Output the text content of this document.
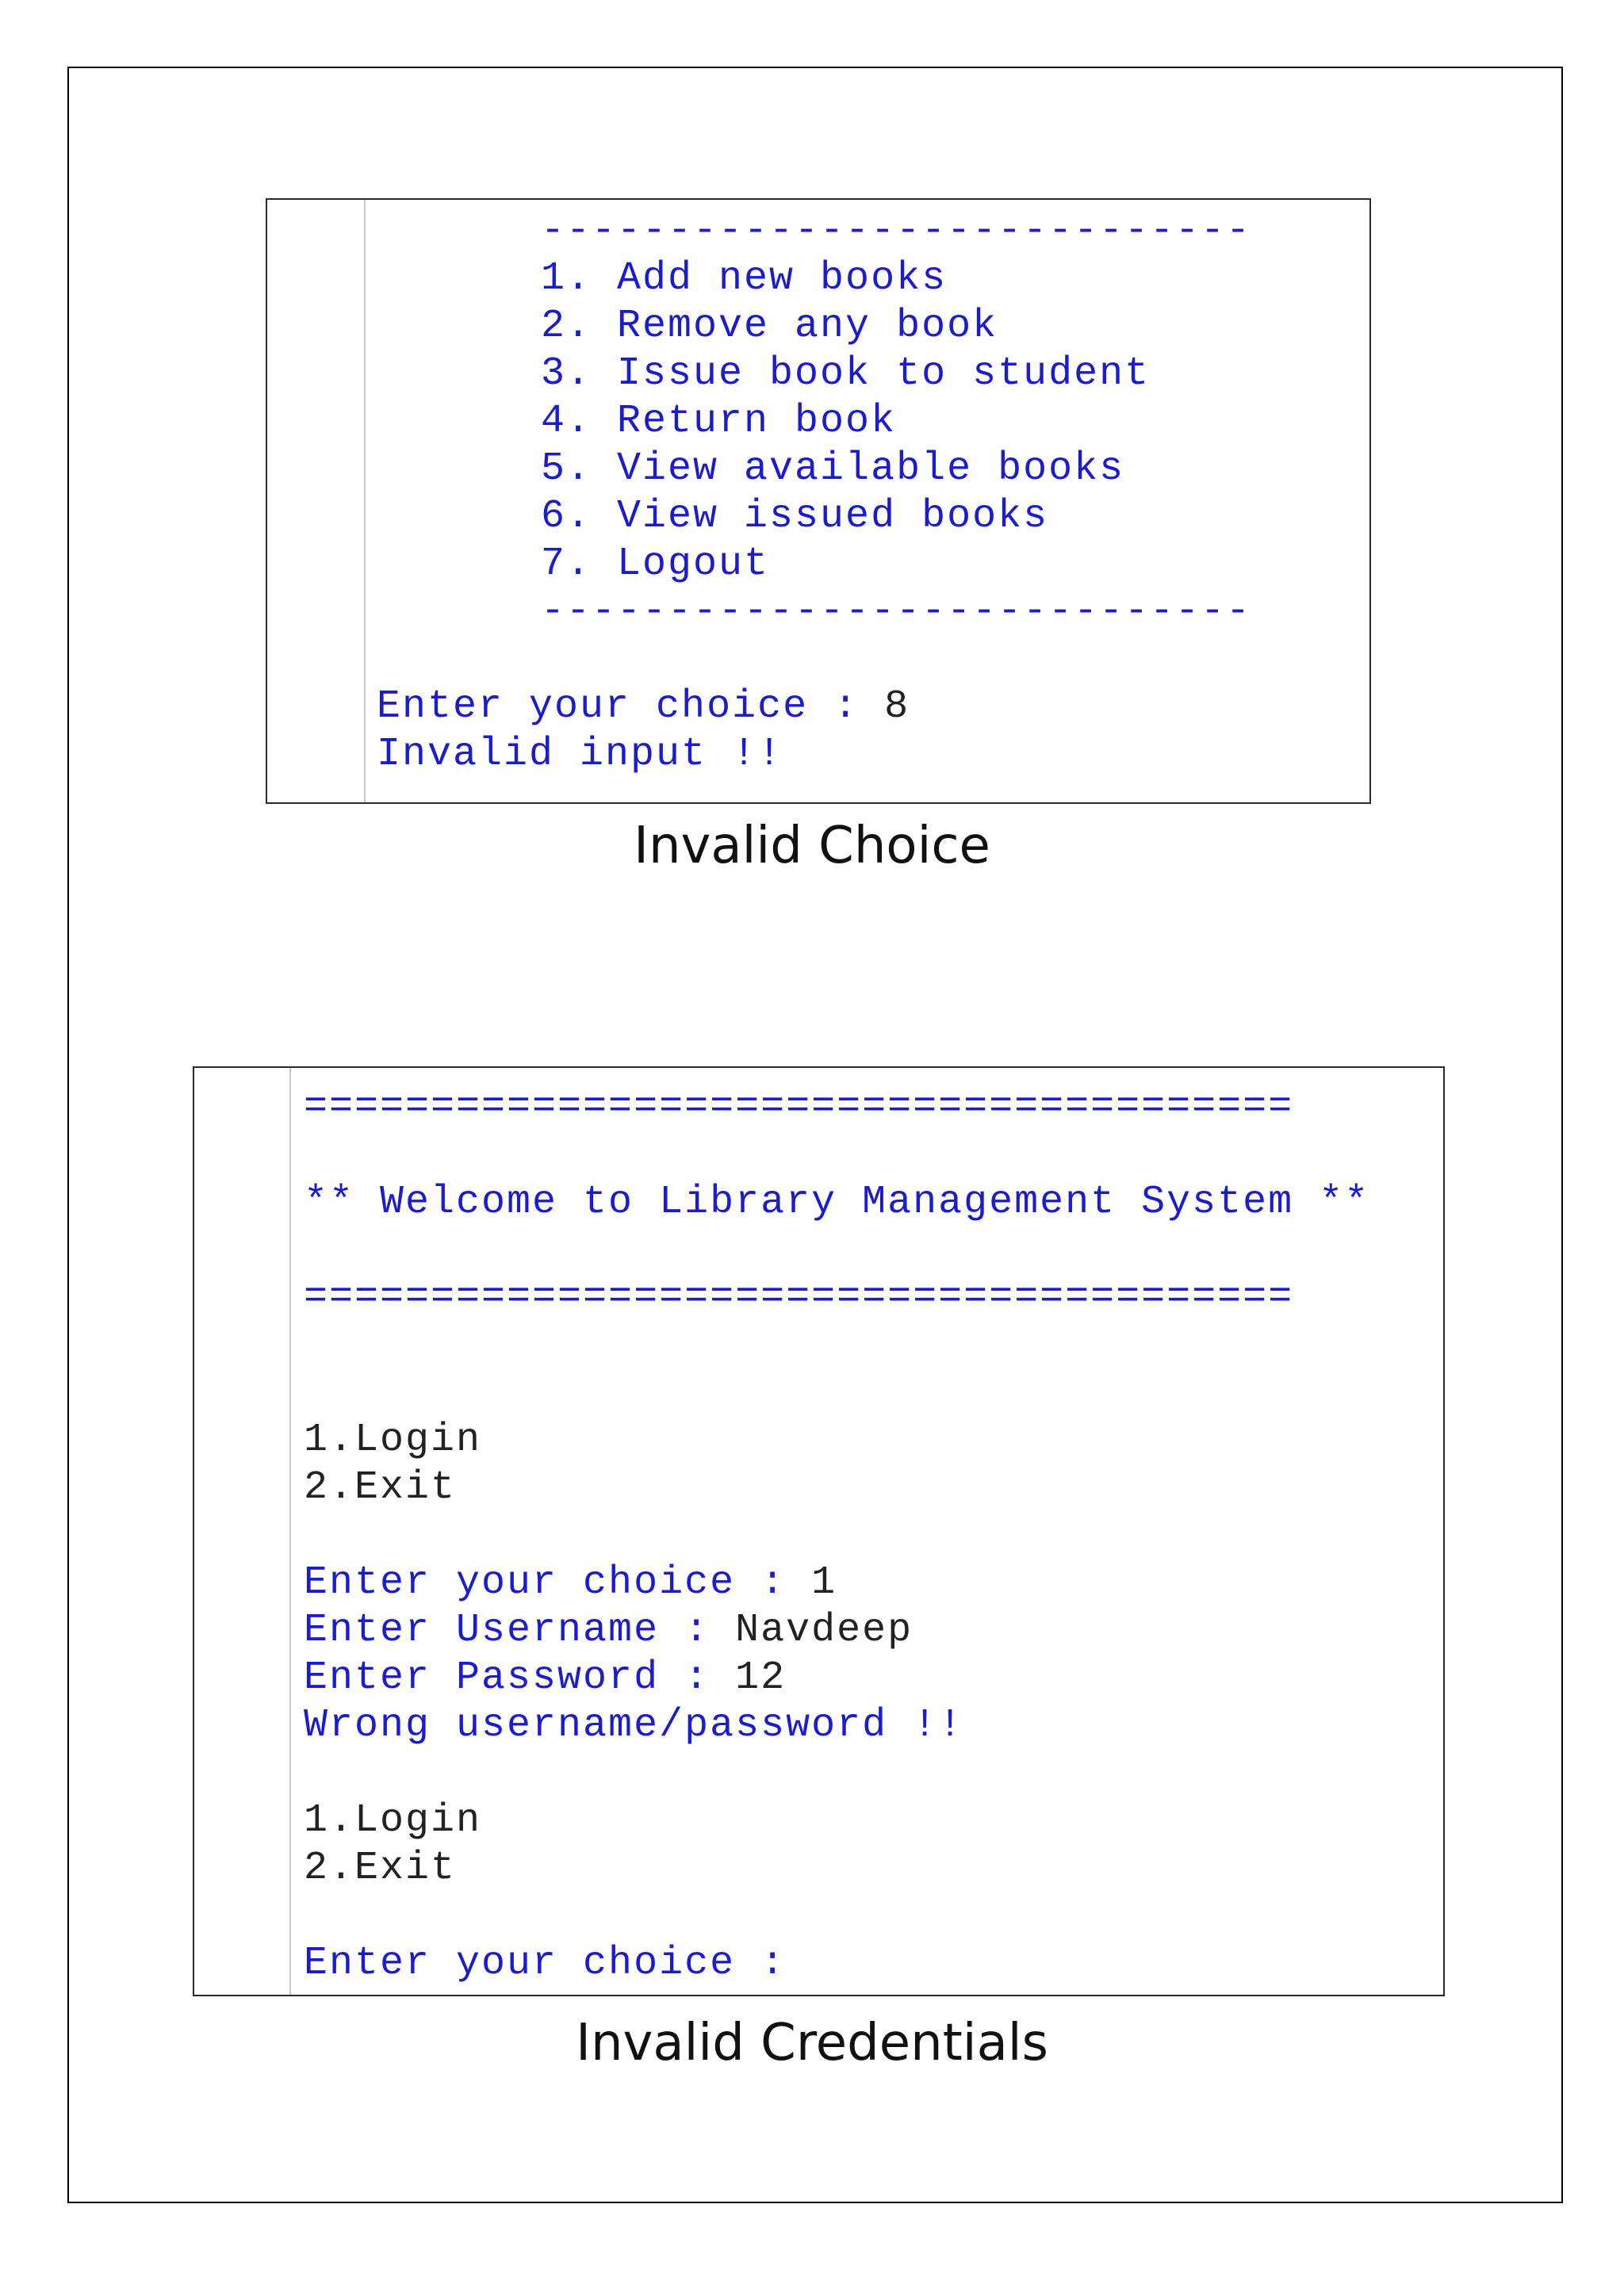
----------------------------
1. Add new books
2. Remove any book
3. Issue book to student
4. Return book
5. View available books
6. View issued books
7. Logout
----------------------------
Enter your choice : 8
Invalid input !!
Invalid Choice
=======================================
** Welcome to Library Management System **
=======================================
1.Login
2.Exit
Enter your choice : 1
Enter Username : Navdeep
Enter Password : 12
Wrong username/password !!
1.Login
2.Exit
Enter your choice :
Invalid Credentials
